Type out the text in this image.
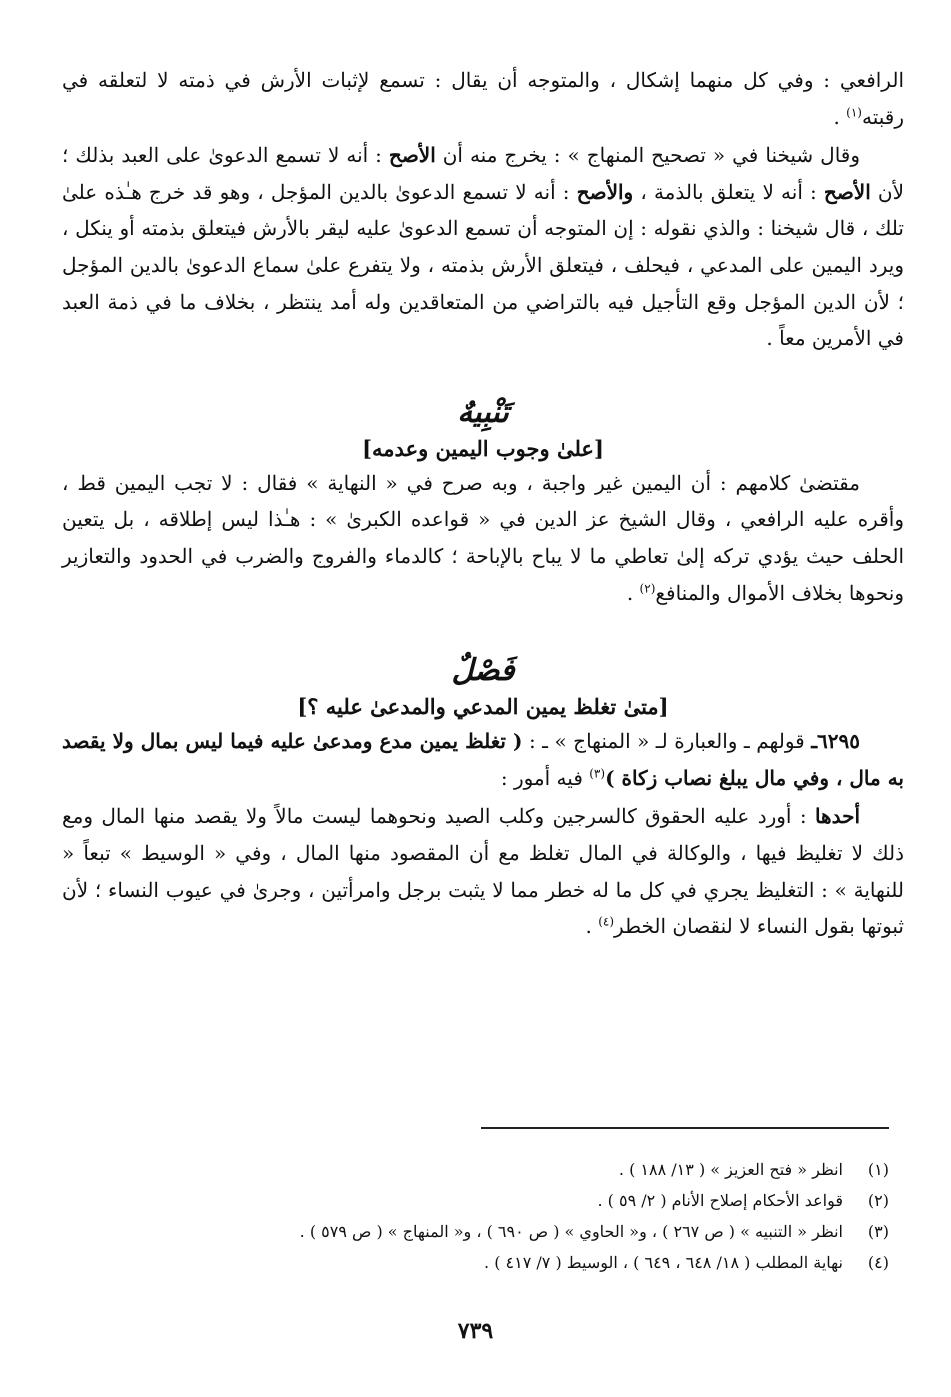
الرافعي : وفي كل منهما إشكال ، والمتوجه أن يقال : تسمع لإثبات الأرش في ذمته لا لتعلقه في رقبته$^{(١)}$ .

وقال شيخنا في « تصحيح المنهاج » : يخرج منه أن الأصح : أنه لا تسمع الدعوىٰ على العبد بذلك ؛ لأن الأصح : أنه لا يتعلق بالذمة ، والأصح : أنه لا تسمع الدعوىٰ بالدين المؤجل ، وهو قد خرج هـٰذه علىٰ تلك ، قال شيخنا : والذي نقوله : إن المتوجه أن تسمع الدعوىٰ عليه ليقر بالأرش فيتعلق بذمته أو ينكل ، ويرد اليمين على المدعي ، فيحلف ، فيتعلق الأرش بذمته ، ولا يتفرع علىٰ سماع الدعوىٰ بالدين المؤجل ؛ لأن الدين المؤجل وقع التأجيل فيه بالتراضي من المتعاقدين وله أمد ينتظر ، بخلاف ما في ذمة العبد في الأمرين معاً .

تَنْبِيهٌ
[علىٰ وجوب اليمين وعدمه]

مقتضىٰ كلامهم : أن اليمين غير واجبة ، وبه صرح في « النهاية » فقال : لا تجب اليمين قط ، وأقره عليه الرافعي ، وقال الشيخ عز الدين في « قواعده الكبرىٰ » : هـٰذا ليس إطلاقه ، بل يتعين الحلف حيث يؤدي تركه إلىٰ تعاطي ما لا يباح بالإباحة ؛ كالدماء والفروج والضرب في الحدود والتعازير ونحوها بخلاف الأموال والمنافع$^{(٢)}$ .

فَصْلٌ
[متىٰ تغلظ يمين المدعي والمدعىٰ عليه ؟]

٦٢٩٥ـ قولهم ـ والعبارة لـ « المنهاج » ـ : ( تغلظ يمين مدع ومدعىٰ عليه فيما ليس بمال ولا يقصد به مال ، وفي مال يبلغ نصاب زكاة )$^{(٣)}$ فيه أمور :

أحدها : أورد عليه الحقوق كالسرجين وكلب الصيد ونحوهما ليست مالاً ولا يقصد منها المال ومع ذلك لا تغليظ فيها ، والوكالة في المال تغلظ مع أن المقصود منها المال ، وفي « الوسيط » تبعاً « للنهاية » : التغليظ يجري في كل ما له خطر مما لا يثبت برجل وامرأتين ، وجرىٰ في عيوب النساء ؛ لأن ثبوتها بقول النساء لا لنقصان الخطر$^{(٤)}$ .

(١)انظر « فتح العزيز » ( ١٣/ ١٨٨ ) .

(٢)قواعد الأحكام إصلاح الأنام ( ٢/ ٥٩ ) .

(٣)انظر « التنبيه » ( ص ٢٦٧ ) ، و« الحاوي » ( ص ٦٩٠ ) ، و« المنهاج » ( ص ٥٧٩ ) .

(٤)نهاية المطلب ( ١٨/ ٦٤٨ ، ٦٤٩ ) ، الوسيط ( ٧/ ٤١٧ ) .

٧٣٩
